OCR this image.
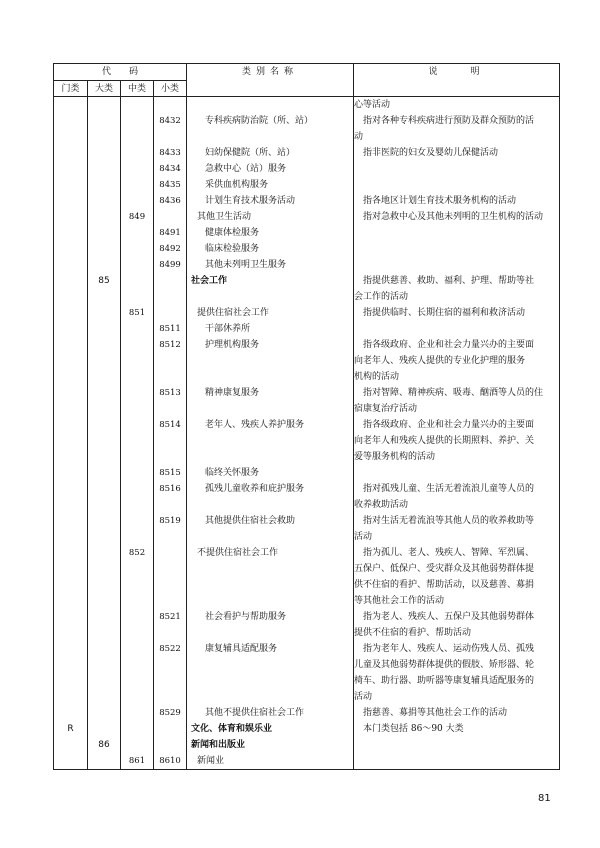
代　　码				类别名称	说　　明
门类	大类	中类	小类		

					心等活动

			8432	专科疾病防治院（所、站）	指对各种专科疾病进行预防及群众预防的活
动

			8433	妇幼保健院（所、站）	指非医院的妇女及婴幼儿保健活动

			8434	急救中心（站）服务	
			8435	采供血机构服务	
			8436	计划生育技术服务活动	指各地区计划生育技术服务机构的活动

		849		其他卫生活动	指对急救中心及其他未列明的卫生机构的活动

			8491	健康体检服务	
			8492	临床检验服务	
			8499	其他未列明卫生服务	
	85			社会工作	指提供慈善、救助、福利、护理、帮助等社
会工作的活动

		851		提供住宿社会工作	指提供临时、长期住宿的福利和救济活动

			8511	干部休养所	
			8512	护理机构服务	指各级政府、企业和社会力量兴办的主要面
向老年人、残疾人提供的专业化护理的服务
机构的活动

			8513	精神康复服务	指对智障、精神疾病、吸毒、酗酒等人员的住
宿康复治疗活动

			8514	老年人、残疾人养护服务	指各级政府、企业和社会力量兴办的主要面
向老年人和残疾人提供的长期照料、养护、关
爱等服务机构的活动

			8515	临终关怀服务	
			8516	孤残儿童收养和庇护服务	指对孤残儿童、生活无着流浪儿童等人员的
收养救助活动

			8519	其他提供住宿社会救助	指对生活无着流浪等其他人员的收养救助等
活动

		852		不提供住宿社会工作	指为孤儿、老人、残疾人、智障、军烈属、
五保户、低保户、受灾群众及其他弱势群体提
供不住宿的看护、帮助活动，以及慈善、募捐
等其他社会工作的活动

			8521	社会看护与帮助服务	指为老人、残疾人、五保户及其他弱势群体
提供不住宿的看护、帮助活动

			8522	康复辅具适配服务	指为老年人、残疾人、运动伤残人员、孤残
儿童及其他弱势群体提供的假肢、矫形器、轮
椅车、助行器、助听器等康复辅具适配服务的
活动

			8529	其他不提供住宿社会工作	指慈善、募捐等其他社会工作的活动

R				文化、体育和娱乐业	本门类包括 86～90 大类

	86			新闻和出版业	
		861	8610	新闻业	
81
